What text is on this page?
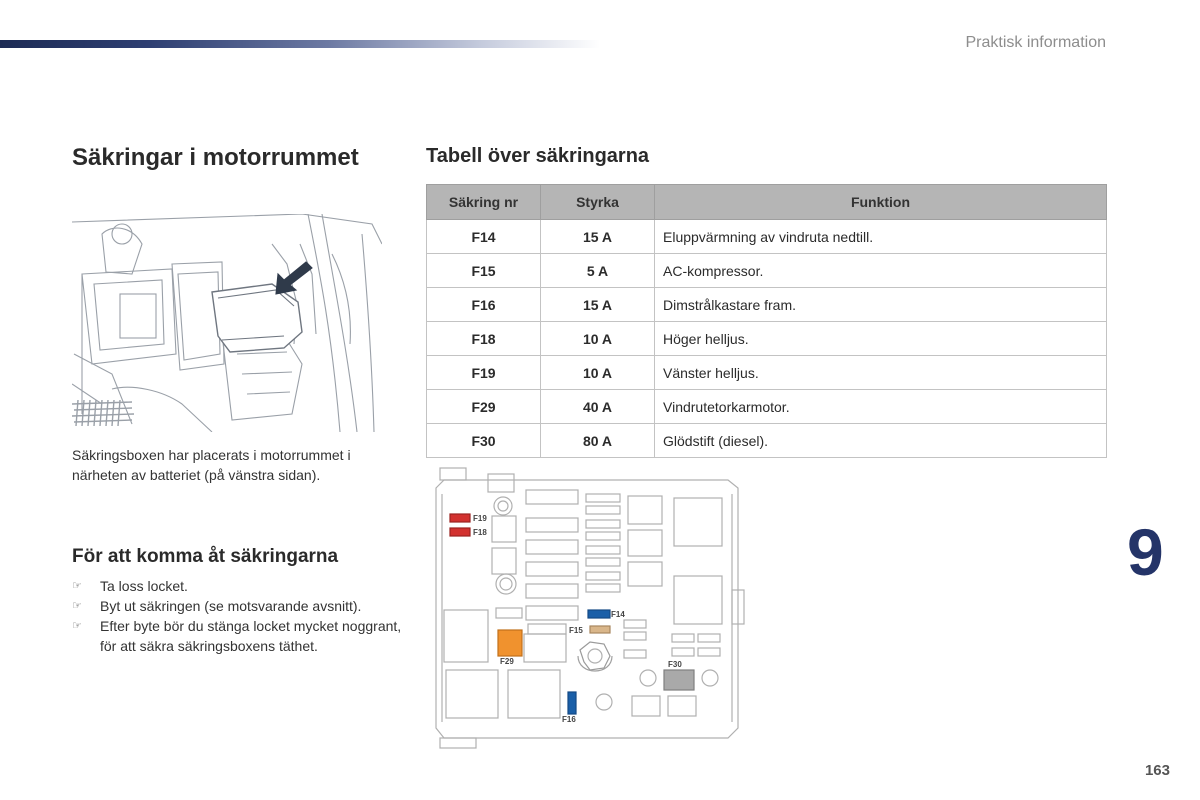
Praktisk information
Säkringar i motorrummet	Tabell över säkringarna

Säkringsboxen har placerats i motorrummet i närheten av batteriet (på vänstra sidan).

För att komma åt säkringarna
☞ Ta loss locket.
☞ Byt ut säkringen (se motsvarande avsnitt).
☞ Efter byte bör du stänga locket mycket noggrant, för att säkra säkringsboxens täthet.
Säkring nr	Styrka	Funktion
F14	15 A	Eluppvärmning av vindruta nedtill.
F15	5 A	AC-kompressor.
F16	15 A	Dimstrålkastare fram.
F18	10 A	Höger helljus.
F19	10 A	Vänster helljus.
F29	40 A	Vindrutetorkarmotor.
F30	80 A	Glödstift (diesel).
F19
F18
F14
F15
F29	F30
F16
9
163
